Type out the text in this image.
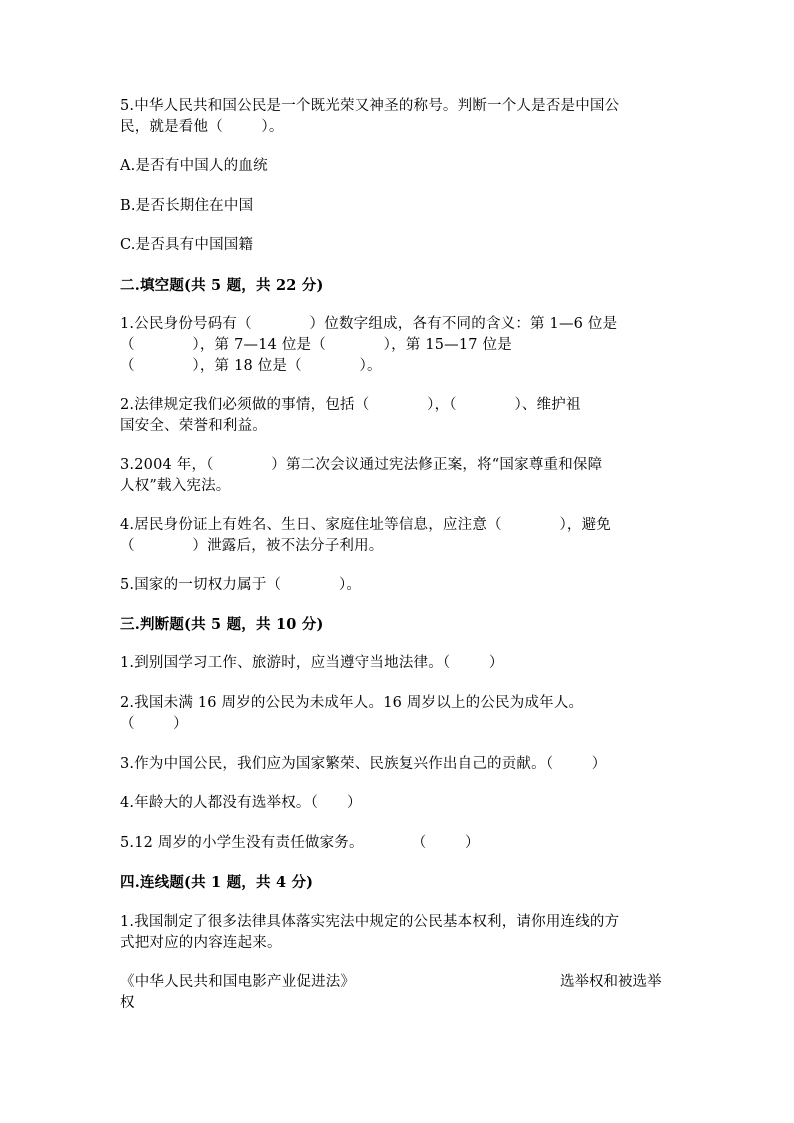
5.中华人民共和国公民是一个既光荣又神圣的称号。判断一个人是否是中国公
民，就是看他（        ）。
A.是否有中国人的血统
B.是否长期住在中国
C.是否具有中国国籍
二.填空题(共 5 题，共 22 分)
1.公民身份号码有（            ）位数字组成，各有不同的含义：第 1—6 位是
（            ），第 7—14 位是（            ），第 15—17 位是
（            ），第 18 位是（            ）。
2.法律规定我们必须做的事情，包括（            ），（            ）、维护祖
国安全、荣誉和利益。
3.2004 年，（            ）第二次会议通过宪法修正案，将“国家尊重和保障
人权”载入宪法。
4.居民身份证上有姓名、生日、家庭住址等信息，应注意（            ），避免
（            ）泄露后，被不法分子利用。
5.国家的一切权力属于（            ）。
三.判断题(共 5 题，共 10 分)
1.到别国学习工作、旅游时，应当遵守当地法律。（        ）
2.我国未满 16 周岁的公民为未成年人。16 周岁以上的公民为成年人。
（        ）
3.作为中国公民，我们应为国家繁荣、民族复兴作出自己的贡献。（        ）
4.年龄大的人都没有选举权。（      ）
5.12 周岁的小学生没有责任做家务。          （        ）
四.连线题(共 1 题，共 4 分)
1.我国制定了很多法律具体落实宪法中规定的公民基本权利，请你用连线的方
式把对应的内容连起来。
《中华人民共和国电影产业促进法》	选举权和被选举
权
